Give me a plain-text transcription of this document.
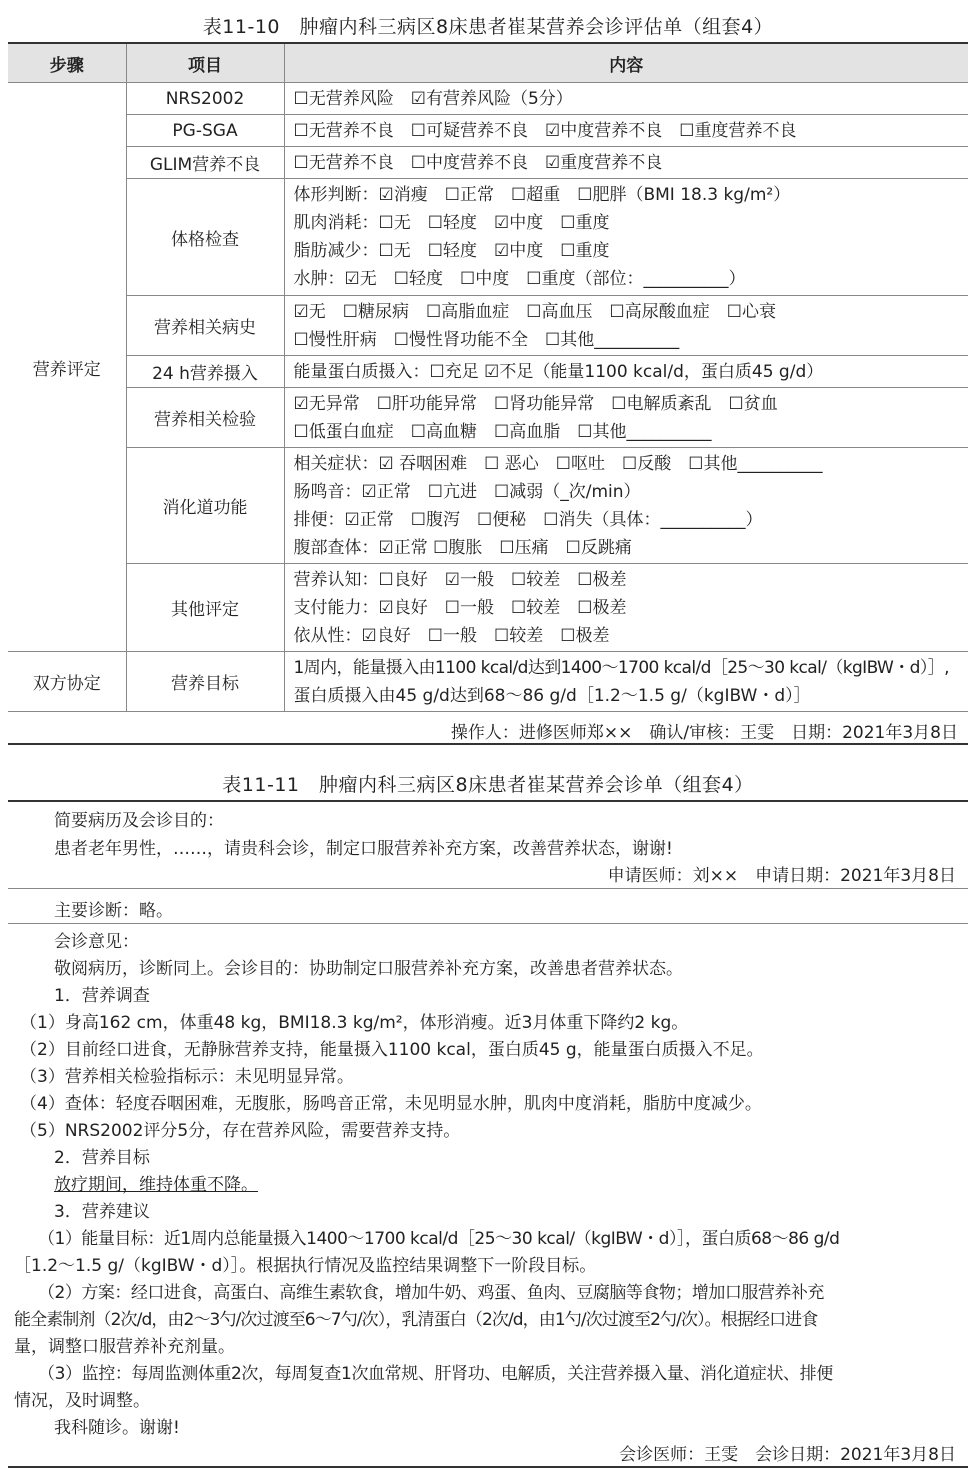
表11-10　肿瘤内科三病区8床患者崔某营养会诊评估单（组套4）
步骤	项目	内容
营养评定	NRS2002	☐无营养风险　☑有营养风险（5分）

	PG-SGA	☐无营养不良　☐可疑营养不良　☑中度营养不良　☐重度营养不良

	GLIM营养不良	☐无营养不良　☐中度营养不良　☑重度营养不良

	体格检查	体形判断：☑消瘦　☐正常　☐超重　☐肥胖（BMI 18.3 kg/m²）
肌肉消耗：☐无　☐轻度　☑中度　☐重度
脂肪减少：☐无　☐轻度　☑中度　☐重度
水肿：☑无　☐轻度　☐中度　☐重度（部位：__________）

	营养相关病史	☑无　☐糖尿病　☐高脂血症　☐高血压　☐高尿酸血症　☐心衰
☐慢性肝病　☐慢性肾功能不全　☐其他__________

	24 h营养摄入	能量蛋白质摄入：☐充足 ☑不足（能量1100 kcal/d，蛋白质45 g/d）

	营养相关检验	☑无异常　☐肝功能异常　☐肾功能异常　☐电解质紊乱　☐贫血
☐低蛋白血症　☐高血糖　☐高血脂　☐其他__________

	消化道功能	相关症状：☑ 吞咽困难　☐ 恶心　☐呕吐　☐反酸　☐其他__________
肠鸣音：☑正常　☐亢进　☐减弱（_次/min）
排便：☑正常　☐腹泻　☐便秘　☐消失（具体：__________）
腹部查体：☑正常 ☐腹胀　☐压痛　☐反跳痛

	其他评定	营养认知：☐良好　☑一般　☐较差　☐极差
支付能力：☑良好　☐一般　☐较差　☐极差
依从性：☑良好　☐一般　☐较差　☐极差

双方协定	营养目标	1周内，能量摄入由1100 kcal/d达到1400～1700 kcal/d［25～30 kcal/（kgIBW・d）］,
蛋白质摄入由45 g/d达到68～86 g/d［1.2～1.5 g/（kgIBW・d）］
操作人：进修医师郑××　确认/审核：王雯　日期：2021年3月8日
表11-11　肿瘤内科三病区8床患者崔某营养会诊单（组套4）
简要病历及会诊目的：
患者老年男性，……，请贵科会诊，制定口服营养补充方案，改善营养状态，谢谢!
申请医师：刘××　申请日期：2021年3月8日
主要诊断：略。
会诊意见：
敬阅病历，诊断同上。会诊目的：协助制定口服营养补充方案，改善患者营养状态。
1．营养调查
（1）身高162 cm，体重48 kg，BMI18.3 kg/m²，体形消瘦。近3月体重下降约2 kg。
（2）目前经口进食，无静脉营养支持，能量摄入1100 kcal，蛋白质45 g，能量蛋白质摄入不足。
（3）营养相关检验指标示：未见明显异常。
（4）查体：轻度吞咽困难，无腹胀，肠鸣音正常，未见明显水肿，肌肉中度消耗，脂肪中度减少。
（5）NRS2002评分5分，存在营养风险，需要营养支持。
2．营养目标
放疗期间，维持体重不降。
3．营养建议
（1）能量目标：近1周内总能量摄入1400～1700 kcal/d［25～30 kcal/（kgIBW・d）］，蛋白质68～86 g/d
［1.2～1.5 g/（kgIBW・d）］。根据执行情况及监控结果调整下一阶段目标。
（2）方案：经口进食，高蛋白、高维生素软食，增加牛奶、鸡蛋、鱼肉、豆腐脑等食物；增加口服营养补充
能全素制剂（2次/d，由2～3勺/次过渡至6～7勺/次），乳清蛋白（2次/d，由1勺/次过渡至2勺/次）。根据经口进食
量，调整口服营养补充剂量。
（3）监控：每周监测体重2次，每周复查1次血常规、肝肾功、电解质，关注营养摄入量、消化道症状、排便
情况，及时调整。
我科随诊。谢谢!
会诊医师：王雯　会诊日期：2021年3月8日
